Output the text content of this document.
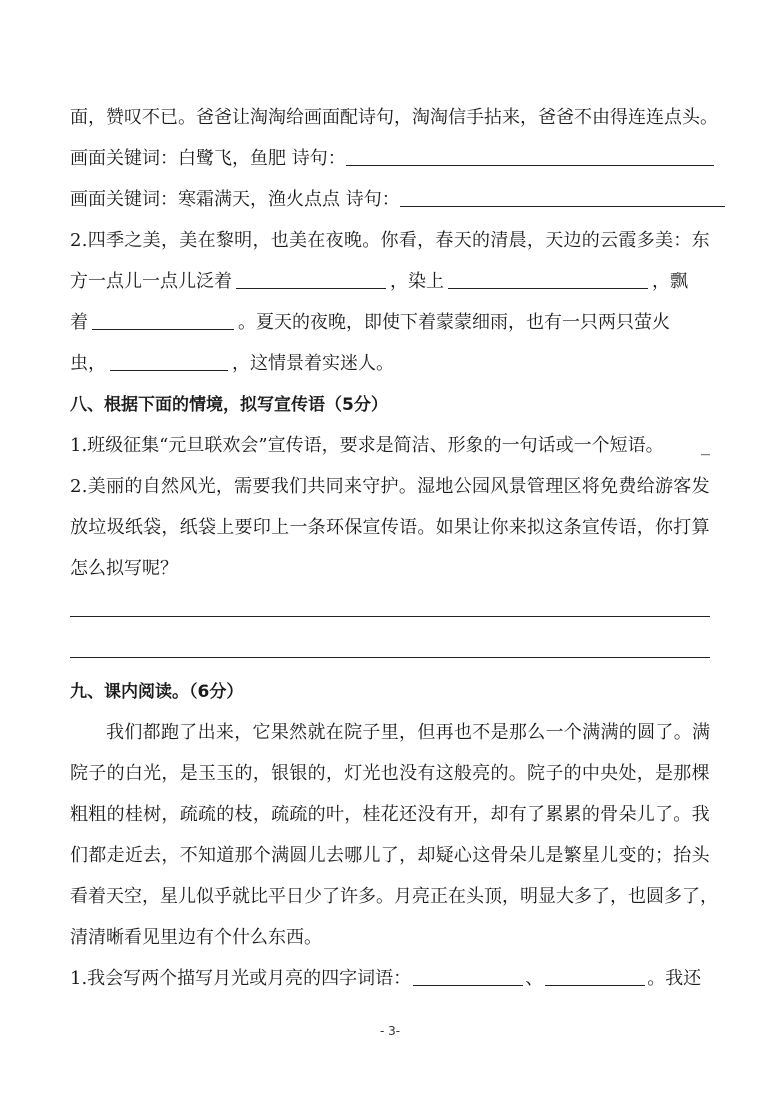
面 ， 赞 叹 不 已 。 爸 爸 让 淘 淘 给 画 面 配 诗 句 ， 淘 淘 信 手 拈 来 ， 爸 爸 不 由 得 连 连 点 头 。
画面关键词：白鹭飞，鱼肥 诗句：
画面关键词：寒霜满天，渔火点点 诗句：
2 . 四 季 之 美 ， 美 在 黎 明 ， 也 美 在 夜 晚 。 你 看 ， 春 天 的 清 晨 ， 天 边 的 云 霞 多 美 ： 东
方一点儿一点儿泛着	，染上	，飘
着	。夏天的夜晚，即使下着蒙蒙细雨，也有一只两只萤火
虫，	，这情景着实迷人。
八、根据下面的情境，拟写宣传语（5分）
1.班级征集“元旦联欢会”宣传语，要求是简洁、形象的一句话或一个短语。 _
2 . 美 丽 的 自 然 风 光 ， 需 要 我 们 共 同 来 守 护 。 湿 地 公 园 风 景 管 理 区 将 免 费 给 游 客 发
放 垃 圾 纸 袋 ， 纸 袋 上 要 印 上 一 条 环 保 宣 传 语 。 如 果 让 你 来 拟 这 条 宣 传 语 ， 你 打 算
怎么拟写呢？
九、课内阅读。（6分）
我 们 都 跑 了 出 来 ， 它 果 然 就 在 院 子 里 ， 但 再 也 不 是 那 么 一 个 满 满 的 圆 了 。 满
院 子 的 白 光 ， 是 玉 玉 的 ， 银 银 的 ， 灯 光 也 没 有 这 般 亮 的 。 院 子 的 中 央 处 ， 是 那 棵
粗 粗 的 桂 树 ， 疏 疏 的 枝 ， 疏 疏 的 叶 ， 桂 花 还 没 有 开 ， 却 有 了 累 累 的 骨 朵 儿 了 。 我
们 都 走 近 去 ， 不 知 道 那 个 满 圆 儿 去 哪 儿 了 ， 却 疑 心 这 骨 朵 儿 是 繁 星 儿 变 的 ； 抬 头
看 着 天 空 ， 星 儿 似 乎 就 比 平 日 少 了 许 多 。 月 亮 正 在 头 顶 ， 明 显 大 多 了 ， 也 圆 多 了 ，
清清晰看见里边有个什么东西。
1.我会写两个描写月光或月亮的四字词语：	、	。我还
- 3-
